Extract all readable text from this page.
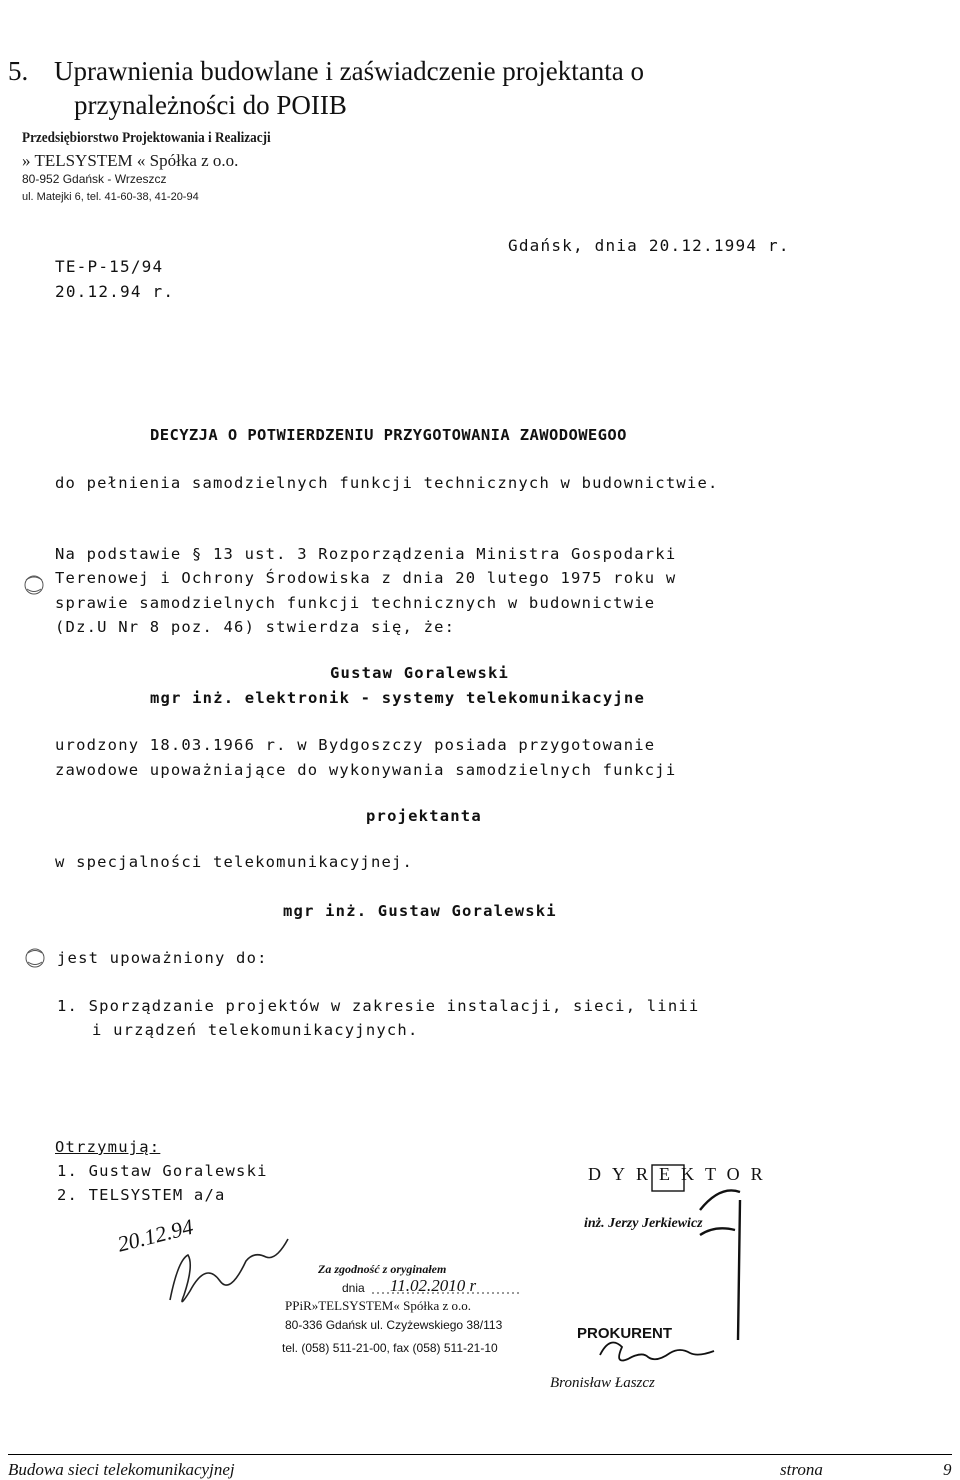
5. Uprawnienia budowlane i zaświadczenie projektanta o
przynależności do POIIB
Przedsiębiorstwo Projektowania i Realizacji
» TELSYSTEM « Spółka z o.o.
80-952 Gdańsk - Wrzeszcz
ul. Matejki 6, tel. 41-60-38, 41-20-94
Gdańsk, dnia 20.12.1994 r.
TE-P-15/94
20.12.94 r.
DECYZJA O POTWIERDZENIU PRZYGOTOWANIA ZAWODOWEGOO
do pełnienia samodzielnych funkcji technicznych w budownictwie.
Na podstawie § 13 ust. 3 Rozporządzenia Ministra Gospodarki
Terenowej i Ochrony Środowiska z dnia 20 lutego 1975 roku w
sprawie samodzielnych funkcji technicznych w budownictwie
(Dz.U Nr 8 poz. 46) stwierdza się, że:
Gustaw Goralewski
mgr inż. elektronik - systemy telekomunikacyjne
urodzony 18.03.1966 r. w Bydgoszczy posiada przygotowanie
zawodowe upoważniające do wykonywania samodzielnych funkcji
projektanta
w specjalności telekomunikacyjnej.
mgr inż. Gustaw Goralewski
jest upoważniony do:
1. Sporządzanie projektów w zakresie instalacji, sieci, linii
i urządzeń telekomunikacyjnych.
Otrzymują:
1. Gustaw Goralewski
2. TELSYSTEM a/a
DYREKTOR
inż. Jerzy Jerkiewicz
Za zgodność z oryginałem
dnia 11.02.2010 r
PPiR»TELSYSTEM« Spółka z o.o.
80-336 Gdańsk ul. Czyżewskiego 38/113
tel. (058) 511-21-00, fax (058) 511-21-10
PROKURENT
Bronisław Łaszcz
20.12.94
Budowa sieci telekomunikacyjnej	strona	9
